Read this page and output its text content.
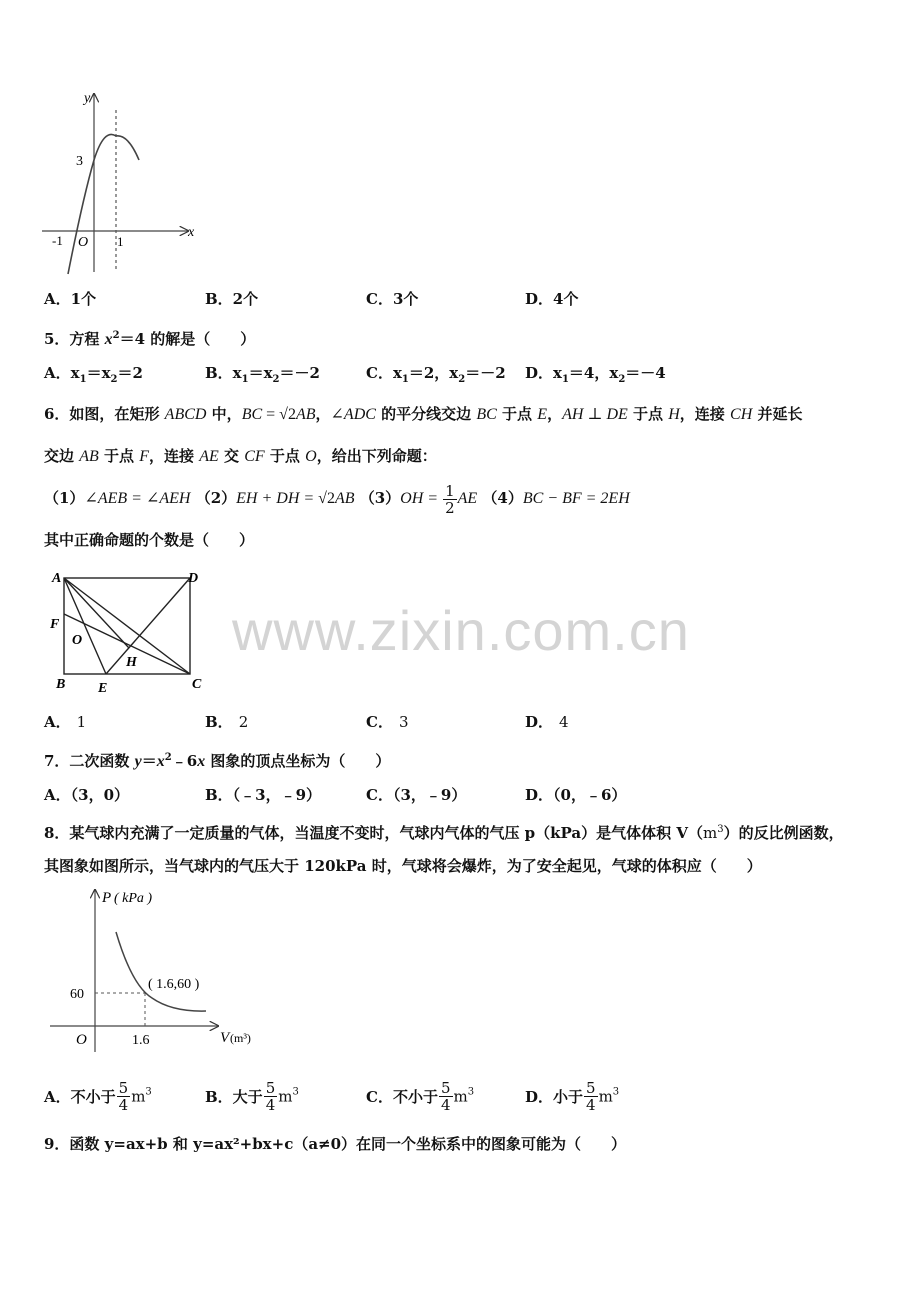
www.zixin.com.cn
y
x
3
-1 O 1
A．1个	B．2个	C．3个	D．4个
5．方程 $x^2=4$ 的解是（　　）
A．$x_1=x_2=2$	B．$x_1=x_2=-2$	C．$x_1=2$，$x_2=-2$ D．$x_1=4$，$x_2=-4$
6．如图，在矩形 ABCD 中，BC = √2AB，∠ADC 的平分线交边 BC 于点 E，AH ⊥ DE 于点 H，连接 CH 并延长
交边 AB 于点 F，连接 AE 交 CF 于点 O，给出下列命题：
（1）∠AEB = ∠AEH （2）EH + DH = √2AB $(3)OH = \frac{1}{2}$ AE （4）BC − BF = 2EH
其中正确命题的个数是（　　）
A	D
F
O
H
B E	C
A． 1	B． 2	C． 3	D． 4
7．二次函数 $y=x^2﹣6x$ 图象的顶点坐标为（　　）
A．（3，0）	B．（﹣3，﹣9）	C．（3，﹣9）	D．（0，﹣6）
8．某气球内充满了一定质量的气体，当温度不变时，气球内气体的气压 p（kPa）是气体体积 $V(m^3)$的反比例函数，
其图象如图所示，当气球内的气压大于 120kPa 时，气球将会爆炸，为了安全起见，气球的体积应（　　）
P ( kPa )
60
( 1.6,60 )
O	1.6	V (m³)
A．不小于 $\frac{5}{4} m^3$	B．大于 $\frac{5}{4} m^3$	C．不小于 $\frac{5}{4} m^3$	D．小于 $\frac{5}{4} m^3$
9．函数 y=ax+b 和 y=ax²+bx+c（a≠0）在同一个坐标系中的图象可能为（　　）
